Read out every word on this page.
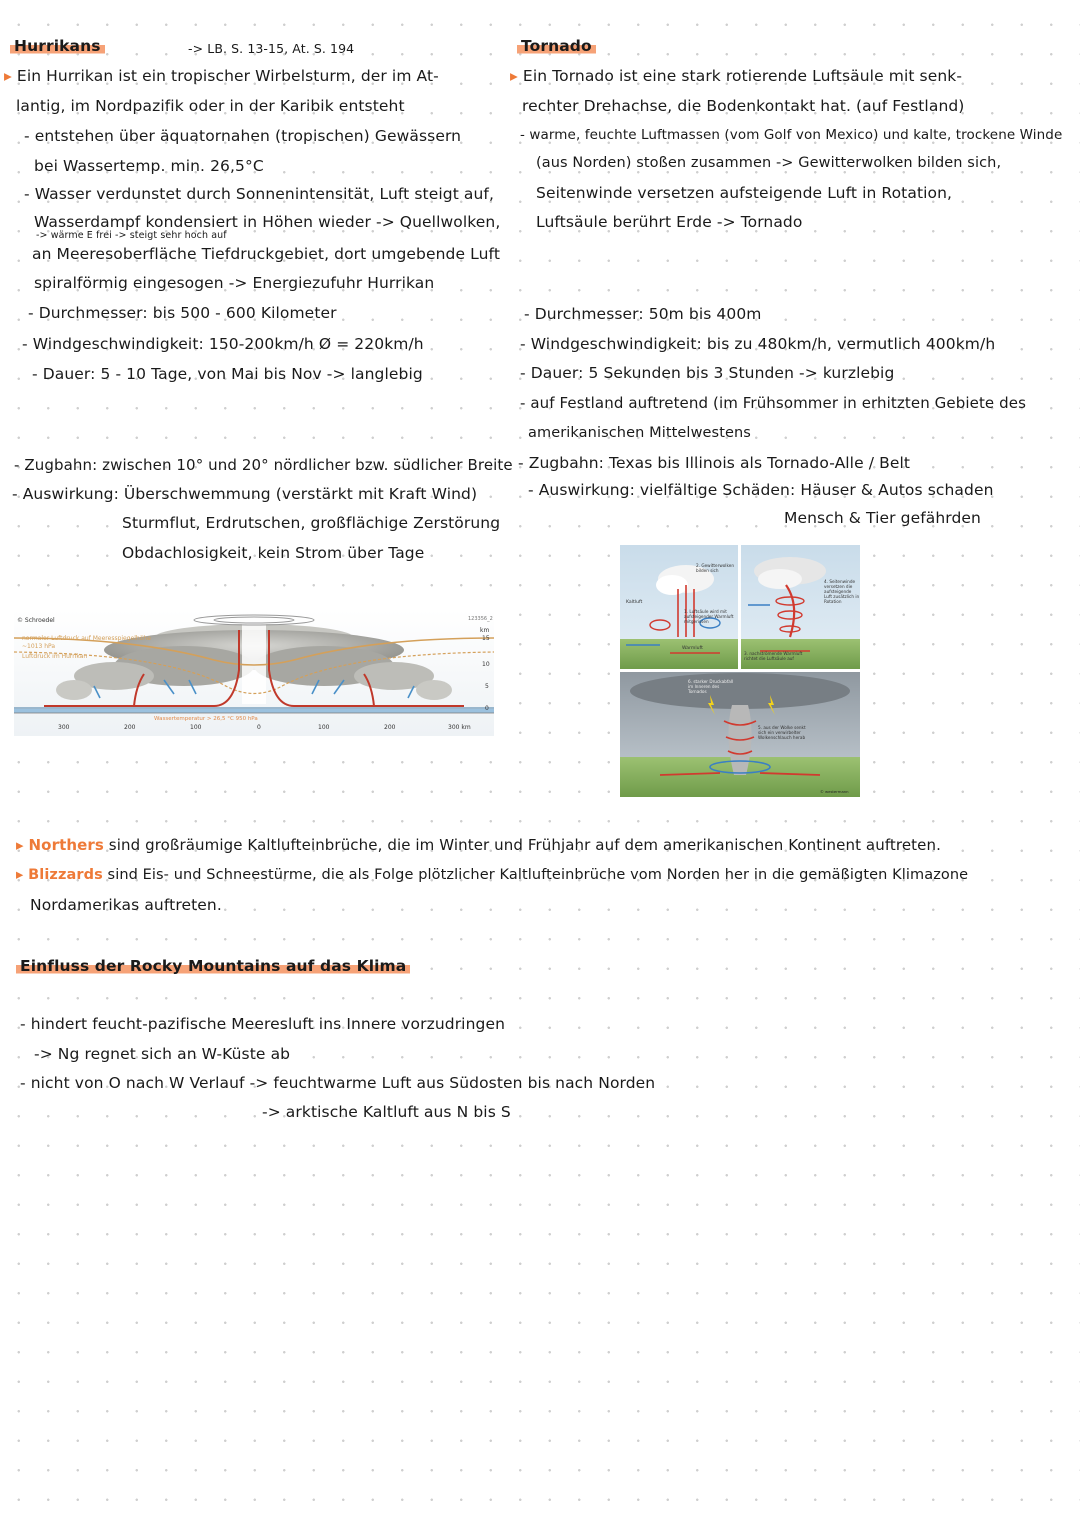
Hurrikans	-> LB. S. 13-15, At. S. 194
▸ Ein Hurrikan ist ein tropischer Wirbelsturm, der im At-
lantig, im Nordpazifik oder in der Karibik entsteht
- entstehen über äquatornahen (tropischen) Gewässern
bei Wassertemp. min. 26,5°C
- Wasser verdunstet durch Sonnenintensität, Luft steigt auf,
Wasserdampf kondensiert in Höhen wieder -> Quellwolken,
-> wärme E frei -> steigt sehr hoch auf
an Meeresoberfläche Tiefdruckgebiet, dort umgebende Luft
spiralförmig eingesogen -> Energiezufuhr Hurrikan
- Durchmesser: bis 500 - 600 Kilometer
- Windgeschwindigkeit: 150-200km/h Ø = 220km/h
- Dauer: 5 - 10 Tage, von Mai bis Nov -> langlebig
- Zugbahn: zwischen 10° und 20° nördlicher bzw. südlicher Breite
- Auswirkung: Überschwemmung (verstärkt mit Kraft Wind)
Sturmflut, Erdrutschen, großflächige Zerstörung
Obdachlosigkeit, kein Strom über Tage
Tornado
▸ Ein Tornado ist eine stark rotierende Luftsäule mit senk-
rechter Drehachse, die Bodenkontakt hat. (auf Festland)
- warme, feuchte Luftmassen (vom Golf von Mexico) und kalte, trockene Winde
(aus Norden) stoßen zusammen -> Gewitterwolken bilden sich,
Seitenwinde versetzen aufsteigende Luft in Rotation,
Luftsäule berührt Erde -> Tornado
- Durchmesser: 50m bis 400m
- Windgeschwindigkeit: bis zu 480km/h, vermutlich 400km/h
- Dauer: 5 Sekunden bis 3 Stunden -> kurzlebig
- auf Festland auftretend (im Frühsommer in erhitzten Gebiete des
amerikanischen Mittelwestens
- Zugbahn: Texas bis Illinois als Tornado-Alle / Belt
- Auswirkung: vielfältige Schäden: Häuser & Autos schaden
Mensch & Tier gefährden
© Schroedel	123356_2
normaler Luftdruck auf Meeresspiegelhöhe
~1013 hPa
Luftdruck im Hurrikan
km
15
10
5
0
Wassertemperatur > 26,5 °C 950 hPa
300	200	100	0	100	200	300 km
Kaltluft
Warmluft
1. Luftsäule wird mit aufsteigender Warmluft mitgerissen
2. Gewitterwolken bilden sich
3. nachströmende Warmluft richtet die Luftsäule auf
4. Seitenwinde versetzen die aufsteigende Luft zusätzlich in Rotation
5. aus der Wolke senkt sich ein verwirbelter Wolkenschlauch herab
6. starker Druckabfall im Inneren des Tornados
© westermann
▸ Northers sind großräumige Kaltlufteinbrüche, die im Winter und Frühjahr auf dem amerikanischen Kontinent auftreten.
▸ Blizzards sind Eis- und Schneestürme, die als Folge plötzlicher Kaltlufteinbrüche vom Norden her in die gemäßigten Klimazone
Nordamerikas auftreten.
Einfluss der Rocky Mountains auf das Klima
- hindert feucht-pazifische Meeresluft ins Innere vorzudringen
-> Ng regnet sich an W-Küste ab
- nicht von O nach W Verlauf -> feuchtwarme Luft aus Südosten bis nach Norden
-> arktische Kaltluft aus N bis S
